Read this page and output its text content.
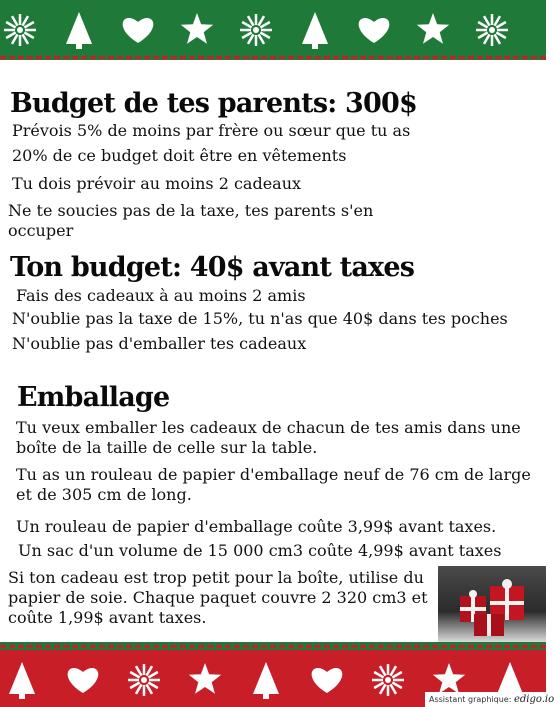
Budget de tes parents: 300$

Prévois 5% de moins par frère ou sœur que tu as

20% de ce budget doit être en vêtements

Tu dois prévoir au moins 2 cadeaux

Ne te soucies pas de la taxe, tes parents s'en occuper

Ton budget: 40$ avant taxes

Fais des cadeaux à au moins 2 amis

N'oublie pas la taxe de 15%, tu n'as que 40$ dans tes poches

N'oublie pas d'emballer tes cadeaux

Emballage

Tu veux emballer les cadeaux de chacun de tes amis dans une boîte de la taille de celle sur la table.

Tu as un rouleau de papier d'emballage neuf de 76 cm de large et de 305 cm de long.

Un rouleau de papier d'emballage coûte 3,99$ avant taxes.

Un sac d'un volume de 15 000 cm3 coûte 4,99$ avant taxes

Si ton cadeau est trop petit pour la boîte, utilise du papier de soie. Chaque paquet couvre 2 320 cm3 et coûte 1,99$ avant taxes.

Assistant graphique: edigo.io
